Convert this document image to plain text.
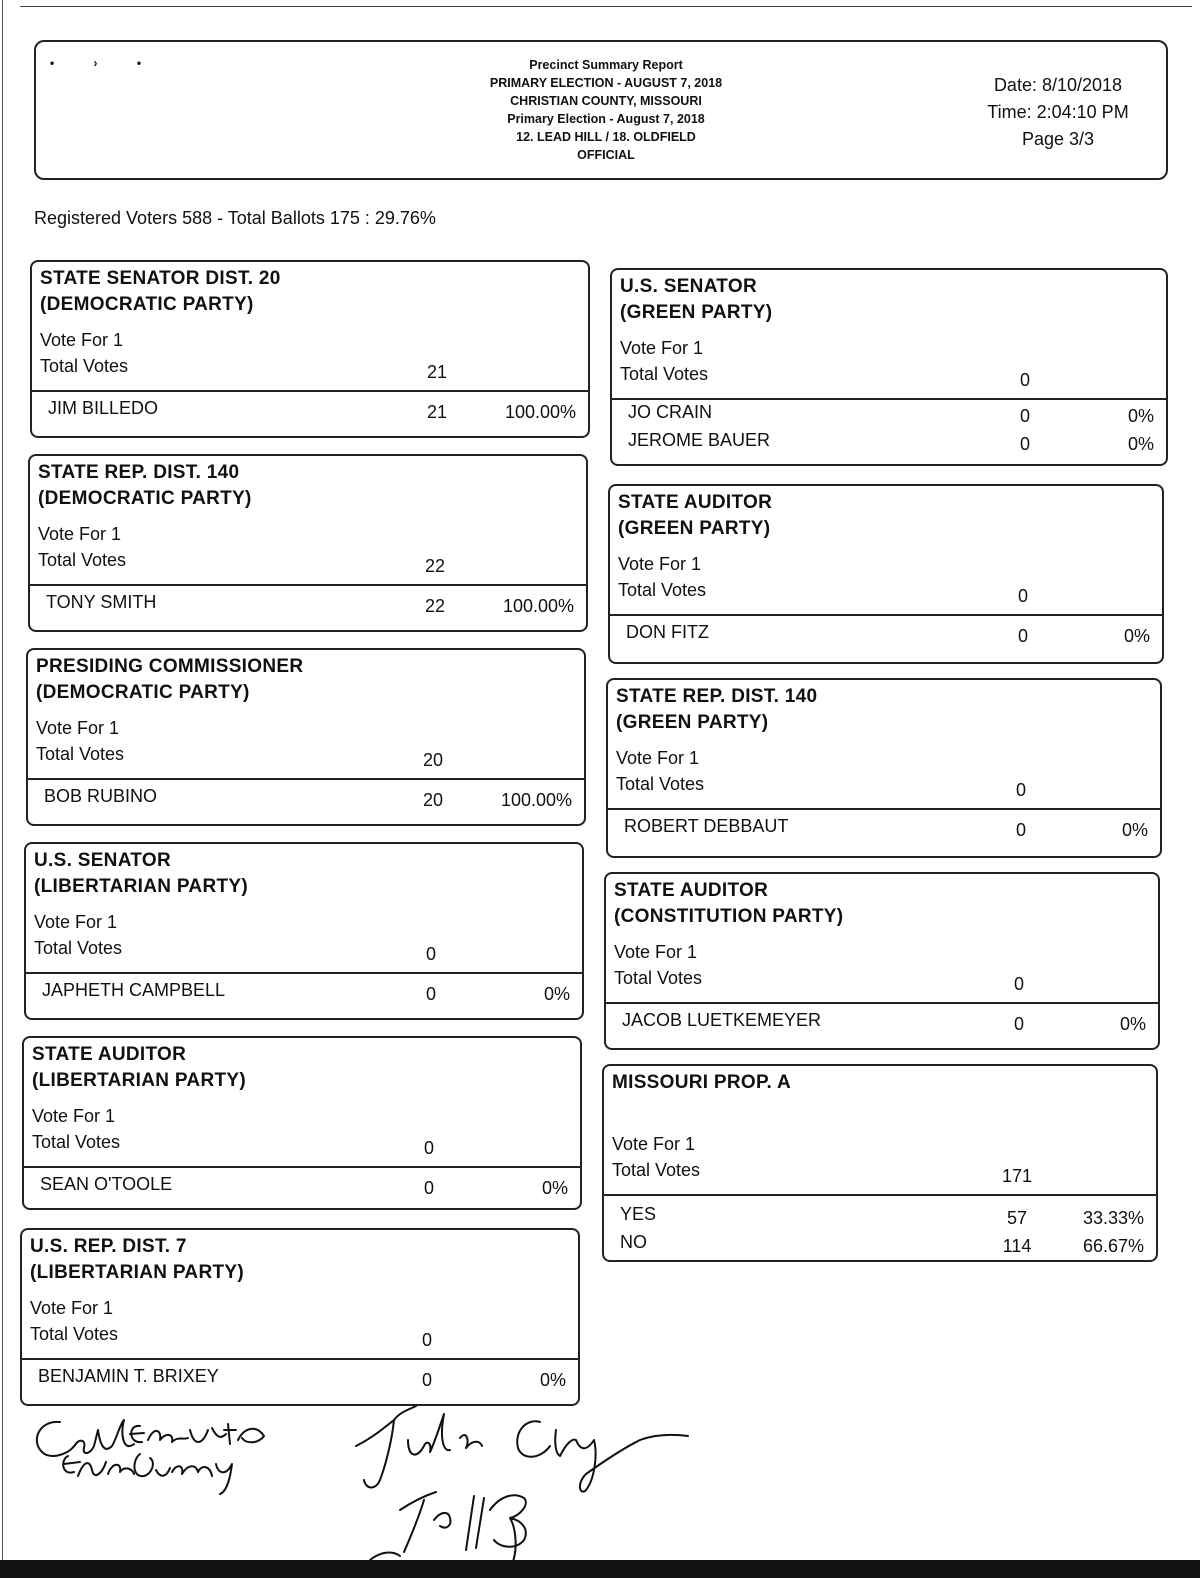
• › •	Precinct Summary Report
PRIMARY ELECTION - AUGUST 7, 2018
CHRISTIAN COUNTY, MISSOURI
Primary Election - August 7, 2018
12. LEAD HILL / 18. OLDFIELD
OFFICIAL
Date: 8/10/2018
Time: 2:04:10 PM
Page 3/3
Registered Voters 588 - Total Ballots 175 : 29.76%
STATE SENATOR DIST. 20
(DEMOCRATIC PARTY)
Vote For 1
Total Votes	21
JIM BILLEDO	21	100.00%
STATE REP. DIST. 140
(DEMOCRATIC PARTY)
Vote For 1
Total Votes	22
TONY SMITH	22	100.00%
PRESIDING COMMISSIONER
(DEMOCRATIC PARTY)
Vote For 1
Total Votes	20
BOB RUBINO	20	100.00%
U.S. SENATOR
(LIBERTARIAN PARTY)
Vote For 1
Total Votes	0
JAPHETH CAMPBELL	0	0%
STATE AUDITOR
(LIBERTARIAN PARTY)
Vote For 1
Total Votes	0
SEAN O'TOOLE	0	0%
U.S. REP. DIST. 7
(LIBERTARIAN PARTY)
Vote For 1
Total Votes	0
BENJAMIN T. BRIXEY	0	0%
U.S. SENATOR
(GREEN PARTY)
Vote For 1
Total Votes	0
JO CRAIN	0	0%
JEROME BAUER	0	0%
STATE AUDITOR
(GREEN PARTY)
Vote For 1
Total Votes	0
DON FITZ	0	0%
STATE REP. DIST. 140
(GREEN PARTY)
Vote For 1
Total Votes	0
ROBERT DEBBAUT	0	0%
STATE AUDITOR
(CONSTITUTION PARTY)
Vote For 1
Total Votes	0
JACOB LUETKEMEYER	0	0%
MISSOURI PROP. A
Vote For 1
Total Votes	171
YES	57	33.33%
NO	114	66.67%
